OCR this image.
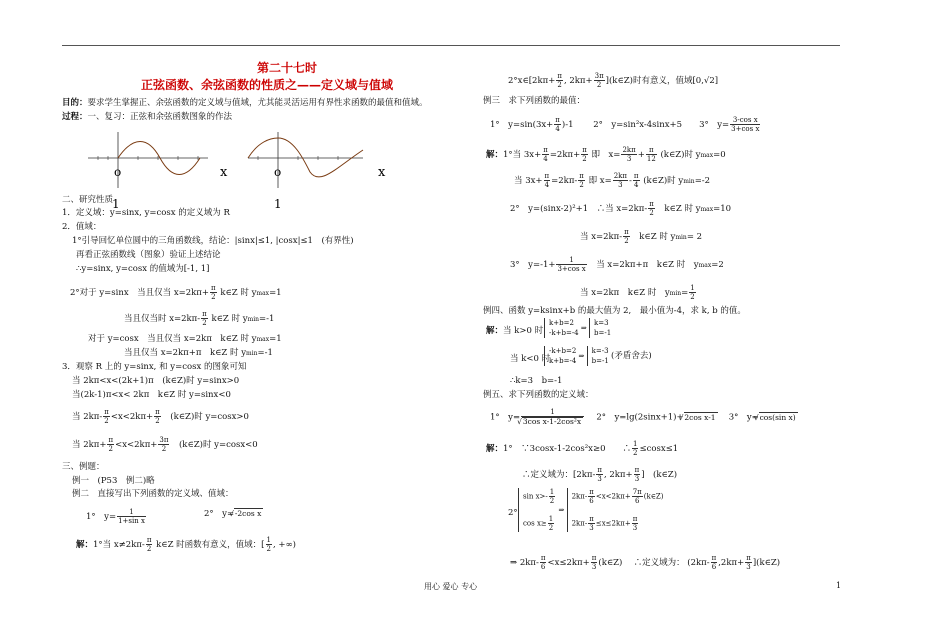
第二十七时
正弦函数、余弦函数的性质之——定义域与值域
目的：要求学生掌握正、余弦函数的定义域与值域，尤其能灵活运用有界性求函数的最值和值域。
过程：一、复习：正弦和余弦函数图象的作法
o	x
1
o	x
1
二、研究性质
1．定义域：y=sinx, y=cosx 的定义域为 R
2．值域：
1°引导回忆单位圆中的三角函数线，结论：|sinx|≤1, |cosx|≤1　(有界性)
再看正弦函数线（图象）验证上述结论
∴y=sinx, y=cosx 的值域为[-1, 1]
2°对于 y=sinx　当且仅当 $x=2k\pi+ \frac{\pi}{2}$ k∈Z 时 ymax=1
当且仅当时 $x=2k\pi- \frac{\pi}{2}$ k∈Z 时 ymin=-1
对于 y=cosx　当且仅当 x=2kπ　k∈Z 时 ymax=1
当且仅当 x=2kπ+π　k∈Z 时 ymin=-1
3．观察 R 上的 y=sinx, 和 y=cosx 的图象可知
当 2kπ<x<(2k+1)π　(k∈Z)时 y=sinx>0
当(2k-1)π<x< 2kπ　k∈Z 时 y=sinx<0
当 $2k\pi- \frac{\pi}{2} <x<2k\pi+ \frac{\pi}{2}$
　 (k∈Z)时 y=cosx>0
当 $2k\pi+ \frac{\pi}{2} <x<2k\pi+ \frac{3\pi}{2}$
　 (k∈Z)时 y=cosx<0
三、例题：
例一　(P53　例二)略
例二　直接写出下列函数的定义域、值域：
1°　$y= \frac{1}{\text{1+sin x}}$	2°　y=√ -2cos x
解：1°当 $x\ne 2k\pi- \frac{\pi}{2}$ k∈Z 时函数有意义，值域：[ $\frac{1}{2}$ , +∞)
2°x∈[2kπ+ $\frac{\pi}{2}$ , $2k\pi+ \frac{3\pi}{2}$ ](k∈Z)时有意义，值域[0,√2]
例三　求下列函数的最值：
1°　$y=\sin(3x+ \frac{\pi}{4} )-1$ 　　 2°　y=sin²x-4sinx+5　　 3°　$y= \frac{\text{3-cos x}}{\text{3+cos x}}$
解：1°当 $3x+ \frac{\pi}{4} =2k\pi+ \frac{\pi}{2}$ 即　$x= \frac{2k\pi}{3} + \frac{\pi}{12}$ (k∈Z)时 ymax=0
当 $3x+ \frac{\pi}{4} =2k\pi- \frac{\pi}{2}$ 即 $x= \frac{2k\pi}{3} - \frac{\pi}{4}$ (k∈Z)时 ymin=-2
2°　y=(sinx-2)²+1　∴当 $x=2k\pi- \frac{\pi}{2}$
　 k∈Z 时 ymax=10
当 $x=2k\pi- \frac{\pi}{2}$
　 k∈Z 时 ymin= 2
3°　$y=-1+ \frac{1}{\text{3+cos x}}$
　 当 x=2kπ+π　k∈Z 时　ymax=2
当 x=2kπ　k∈Z 时　$ymin= \frac{1}{2}$
例四、函数 y=ksinx+b 的最大值为 2,　最小值为-4，求 k, b 的值。
解：当 k>0 时
k+b=2
-k+b=-4 ⇒ k=3
b=-1
当 k<0 时
-k+b=2
k+b=-4 ⇒ k=-3
b=-1 (矛盾舍去)
∴k=3　b=-1
例五、求下列函数的定义域：
1°　y= 1
√ 3cos x-1-2cos²x
　 2°　y=lg(2sinx+1)+√ 2cos x-1 　 3°　y=√ cos(sin x)
解：1°　∵3cosx-1-2cos²x≥0　　∴ $\frac{1}{2} \le\cos x\le 1$
∴定义域为：[$2k\pi- \frac{\pi}{3}$ , $2k\pi+ \frac{\pi}{3}$ ]　(k∈Z)
2°
$\sin x>- \frac{1}{2}$

$\cos x\ge \frac{1}{2}$
⇒ $2k\pi- \frac{\pi}{6} <x<2k\pi+ \frac{7\pi}{6}$ (k∈Z)

$2k\pi- \frac{\pi}{3} \le x\le 2k\pi+ \frac{\pi}{3}$
⇒ $2k\pi- \frac{\pi}{6} <x\le 2k\pi+ \frac{\pi}{3}$ (k∈Z) 　 ∴定义域为： ($2k\pi- \frac{\pi}{6} ,2k\pi+ \frac{\pi}{3}$ ](k∈Z)
用心 爱心 专心	1
